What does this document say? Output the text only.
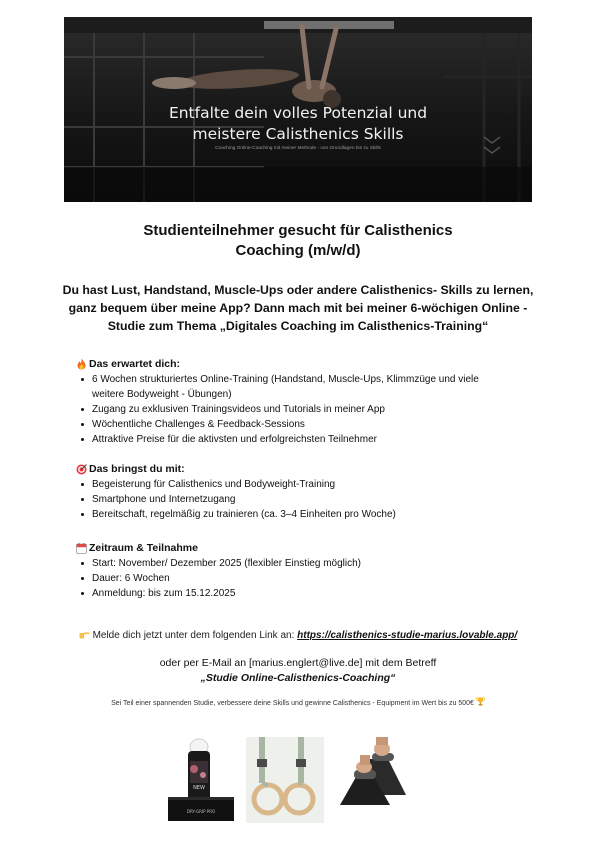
Entfalte dein volles Potenzial und
meistere Calisthenics Skills
Coaching Online-Coaching mit meiner Methode - von Grundlagen bis zu Skills
Studienteilnehmer gesucht für Calisthenics
Coaching (m/w/d)
Du hast Lust, Handstand, Muscle-Ups oder andere Calisthenics- Skills zu lernen,
ganz bequem über meine App? Dann mach mit bei meiner 6-wöchigen Online -
Studie zum Thema „Digitales Coaching im Calisthenics-Training“
Das erwartet dich:
6 Wochen strukturiertes Online-Training (Handstand, Muscle-Ups, Klimmzüge und viele weitere Bodyweight - Übungen)
Zugang zu exklusiven Trainingsvideos und Tutorials in meiner App
Wöchentliche Challenges & Feedback-Sessions
Attraktive Preise für die aktivsten und erfolgreichsten Teilnehmer
Das bringst du mit:
Begeisterung für Calisthenics und Bodyweight-Training
Smartphone und Internetzugang
Bereitschaft, regelmäßig zu trainieren (ca. 3–4 Einheiten pro Woche)
Zeitraum & Teilnahme
Start: November/ Dezember 2025 (flexibler Einstieg möglich)
Dauer: 6 Wochen
Anmeldung: bis zum 15.12.2025
Melde dich jetzt unter dem folgenden Link an: https://calisthenics-studie-marius.lovable.app/
oder per E-Mail an [marius.englert@live.de] mit dem Betreff
„Studie Online-Calisthenics-Coaching“
Sei Teil einer spannenden Studie, verbessere deine Skills und gewinne Calisthenics - Equipment im Wert bis zu 500€
NEW
DRY-GRIP PRO
